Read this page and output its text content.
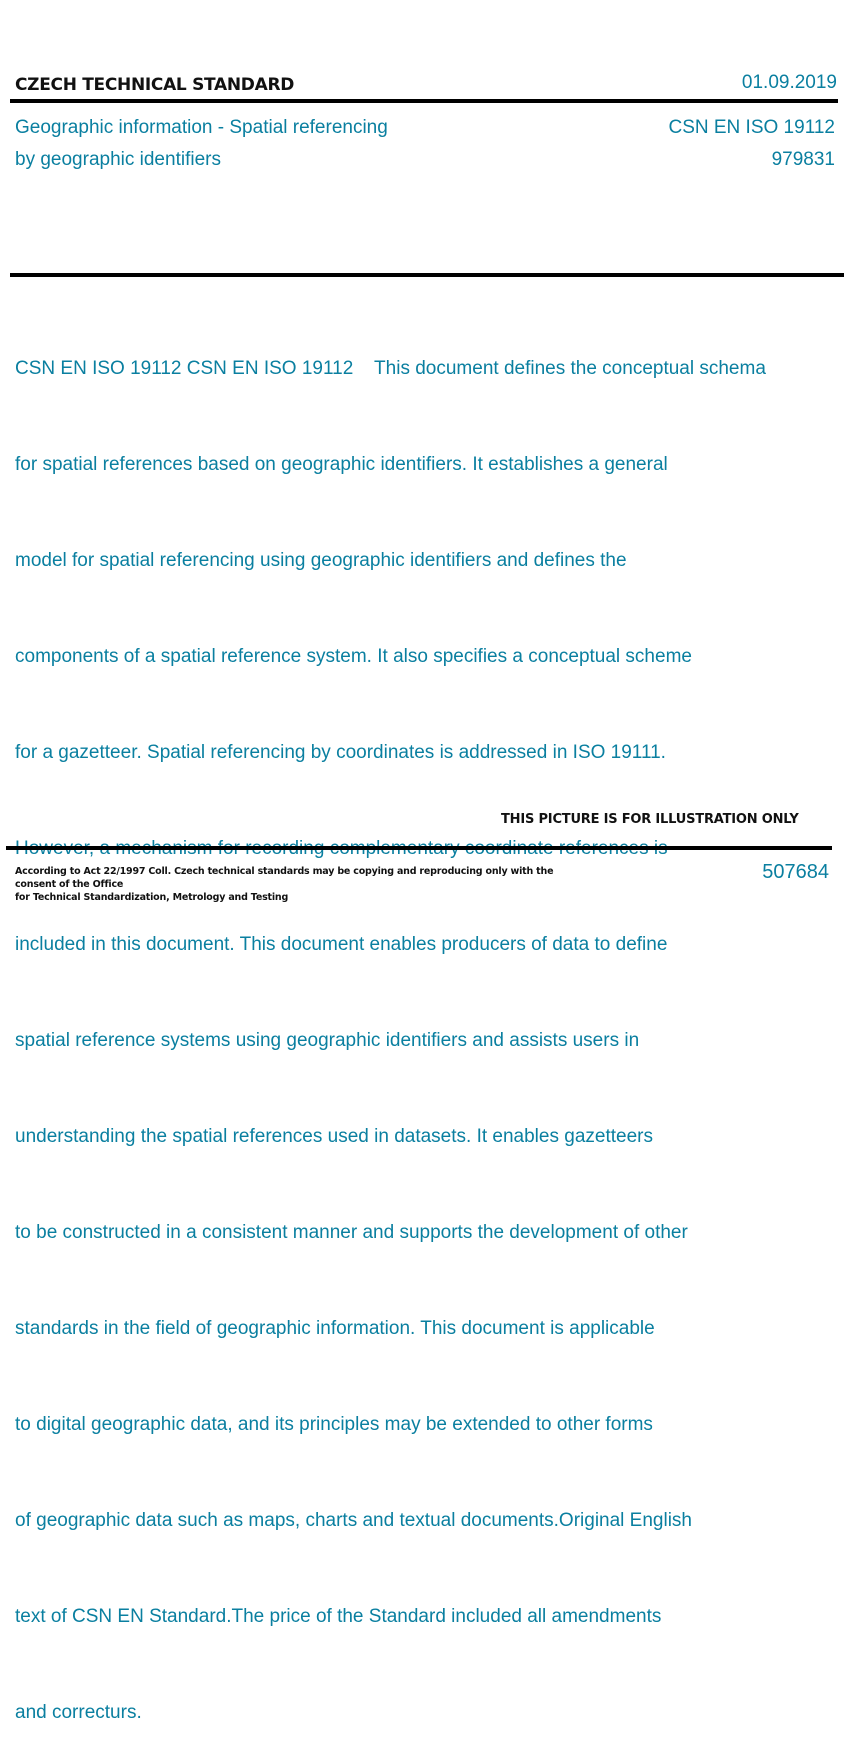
CZECH TECHNICAL STANDARD	01.09.2019
Geographic information - Spatial referencing
by geographic identifiers
CSN EN ISO 19112
979831

CSN EN ISO 19112 CSN EN ISO 19112    This document defines the conceptual schema

for spatial references based on geographic identifiers. It establishes a general

model for spatial referencing using geographic identifiers and defines the

components of a spatial reference system. It also specifies a conceptual scheme

for a gazetteer. Spatial referencing by coordinates is addressed in ISO 19111.

included in this document. This document enables producers of data to define

spatial reference systems using geographic identifiers and assists users in

understanding the spatial references used in datasets. It enables gazetteers

to be constructed in a consistent manner and supports the development of other

standards in the field of geographic information. This document is applicable

to digital geographic data, and its principles may be extended to other forms

of geographic data such as maps, charts and textual documents.Original English

text of CSN EN Standard.The price of the Standard included all amendments

and correcturs.

THIS PICTURE IS FOR ILLUSTRATION ONLY
According to Act 22/1997 Coll. Czech technical standards may be copying and reproducing only with the consent of the Office
for Technical Standardization, Metrology and Testing
507684
